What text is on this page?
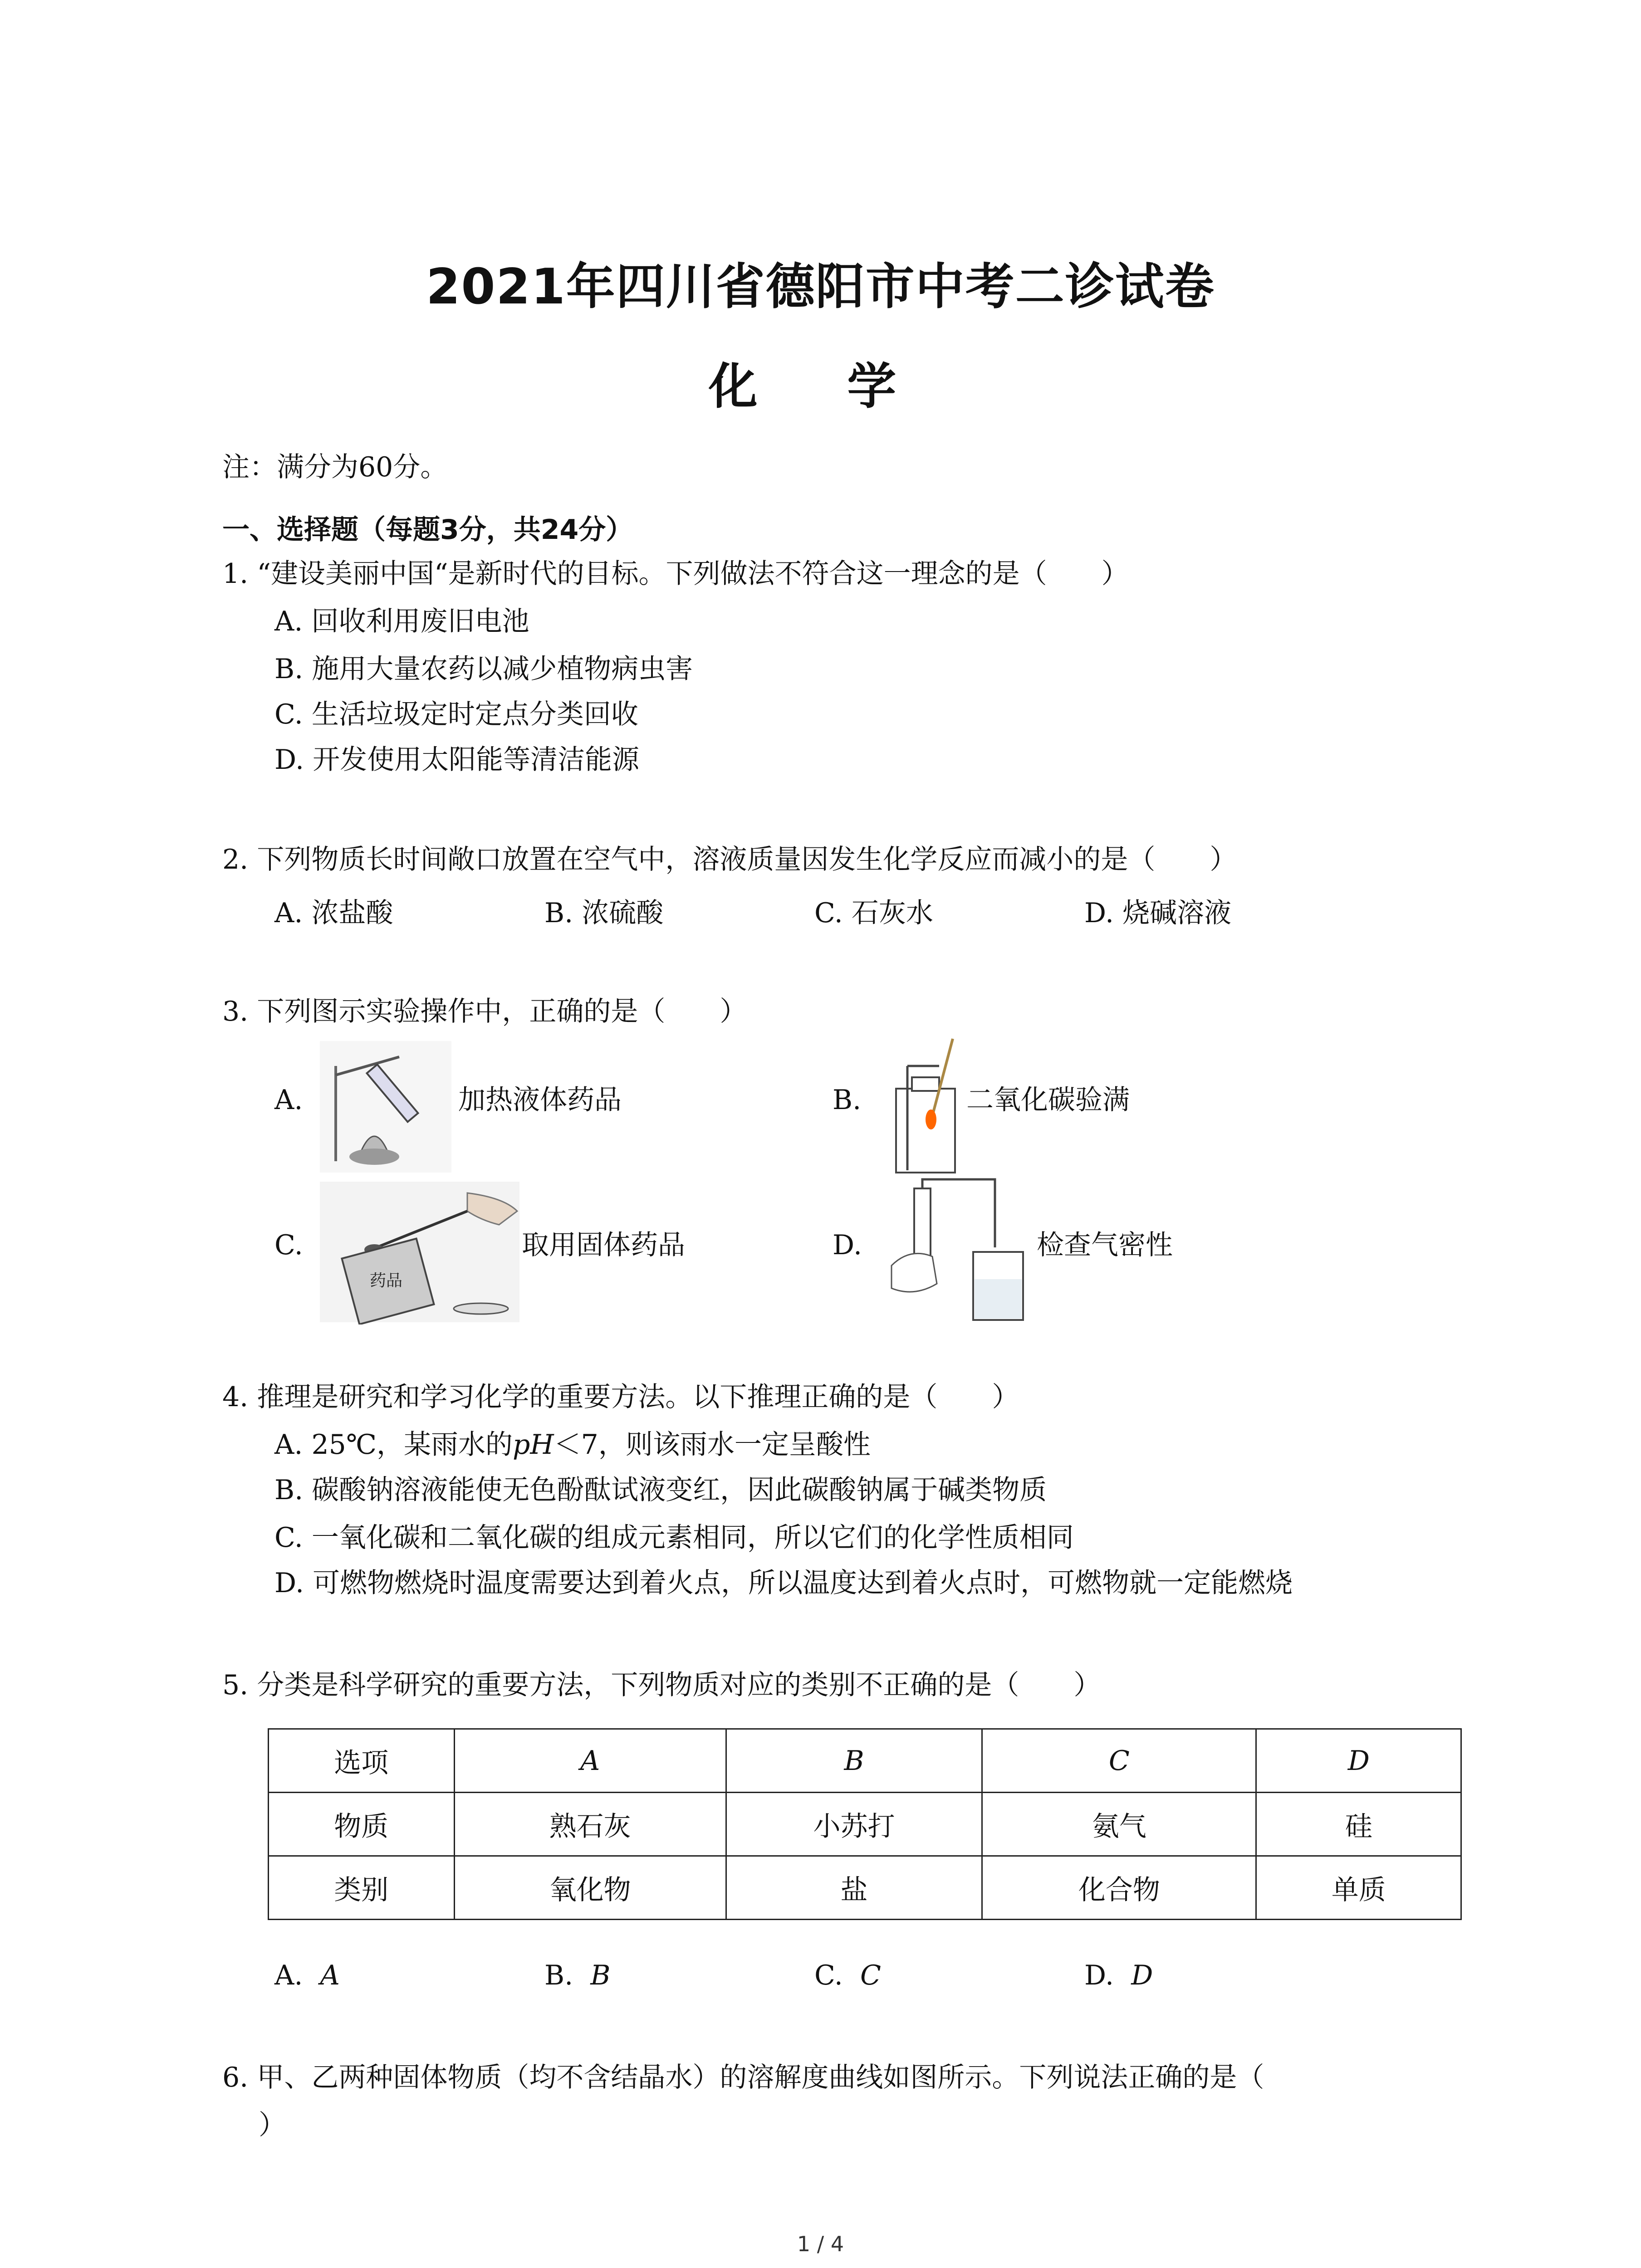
2021年四川省德阳市中考二诊试卷
化 学
注：满分为60分。
一、选择题（每题3分，共24分）
1. “建设美丽中国“是新时代的目标。下列做法不符合这一理念的是（　　）
A. 回收利用废旧电池
B. 施用大量农药以减少植物病虫害
C. 生活垃圾定时定点分类回收
D. 开发使用太阳能等清洁能源
2. 下列物质长时间敞口放置在空气中，溶液质量因发生化学反应而减小的是（　　）
A. 浓盐酸	B. 浓硫酸	C. 石灰水	D. 烧碱溶液
3. 下列图示实验操作中，正确的是（　　）
A.	加热液体药品	B.	二氧化碳验满
C.
药品
取用固体药品	D.	检查气密性
4. 推理是研究和学习化学的重要方法。以下推理正确的是（　　）
A. 25℃，某雨水的pH＜7，则该雨水一定呈酸性
B. 碳酸钠溶液能使无色酚酞试液变红，因此碳酸钠属于碱类物质
C. 一氧化碳和二氧化碳的组成元素相同，所以它们的化学性质相同
D. 可燃物燃烧时温度需要达到着火点，所以温度达到着火点时，可燃物就一定能燃烧
5. 分类是科学研究的重要方法，下列物质对应的类别不正确的是（　　）
选项	A	B	C	D
物质	熟石灰	小苏打	氨气	硅
类别	氧化物	盐	化合物	单质
A. A	B. B	C. C	D. D
6. 甲、乙两种固体物质（均不含结晶水）的溶解度曲线如图所示。下列说法正确的是（
）
1 / 4
